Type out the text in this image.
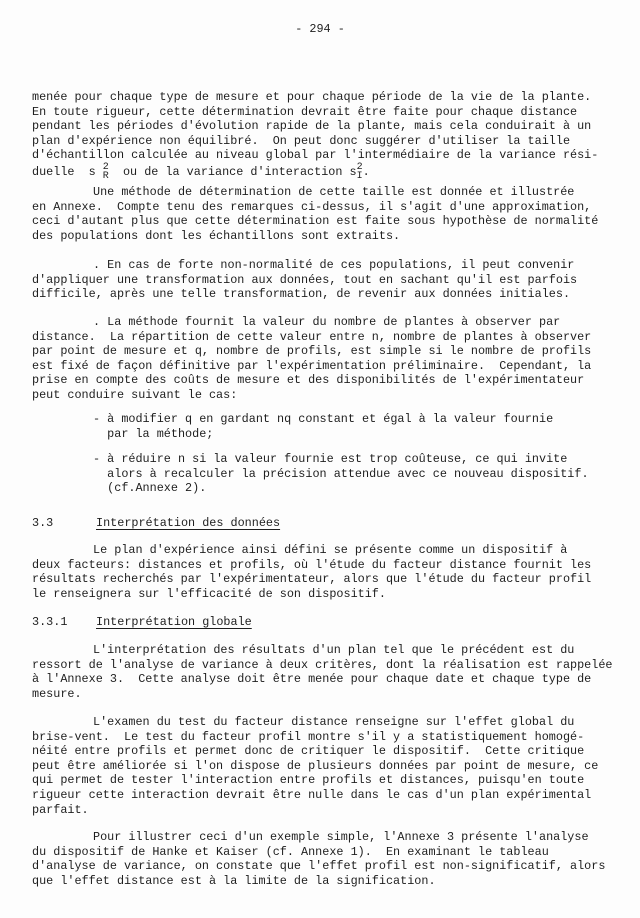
- 294 -
duelle  s 2
R ou de la variance d'interaction s 2
I .
3.3	Interprétation des données
3.3.1 Interprétation globale
menée pour chaque type de mesure et pour chaque période de la vie de la plante.
En toute rigueur, cette détermination devrait être faite pour chaque distance
pendant les périodes d'évolution rapide de la plante, mais cela conduirait à un
plan d'expérience non équilibré.  On peut donc suggérer d'utiliser la taille
d'échantillon calculée au niveau global par l'intermédiaire de la variance rési-
Une méthode de détermination de cette taille est donnée et illustrée
en Annexe.  Compte tenu des remarques ci-dessus, il s'agit d'une approximation,
ceci d'autant plus que cette détermination est faite sous hypothèse de normalité
des populations dont les échantillons sont extraits.
. En cas de forte non-normalité de ces populations, il peut convenir
d'appliquer une transformation aux données, tout en sachant qu'il est parfois
difficile, après une telle transformation, de revenir aux données initiales.
. La méthode fournit la valeur du nombre de plantes à observer par
distance.  La répartition de cette valeur entre n, nombre de plantes à observer
par point de mesure et q, nombre de profils, est simple si le nombre de profils
est fixé de façon définitive par l'expérimentation préliminaire.  Cependant, la
prise en compte des coûts de mesure et des disponibilités de l'expérimentateur
peut conduire suivant le cas:
- à modifier q en gardant nq constant et égal à la valeur fournie
par la méthode;
- à réduire n si la valeur fournie est trop coûteuse, ce qui invite
alors à recalculer la précision attendue avec ce nouveau dispositif.
(cf.Annexe 2).
Le plan d'expérience ainsi défini se présente comme un dispositif à
deux facteurs: distances et profils, où l'étude du facteur distance fournit les
résultats recherchés par l'expérimentateur, alors que l'étude du facteur profil
le renseignera sur l'efficacité de son dispositif.
L'interprétation des résultats d'un plan tel que le précédent est du
ressort de l'analyse de variance à deux critères, dont la réalisation est rappelée
à l'Annexe 3.  Cette analyse doit être menée pour chaque date et chaque type de
mesure.
L'examen du test du facteur distance renseigne sur l'effet global du
brise-vent.  Le test du facteur profil montre s'il y a statistiquement homogé-
néité entre profils et permet donc de critiquer le dispositif.  Cette critique
peut être améliorée si l'on dispose de plusieurs données par point de mesure, ce
qui permet de tester l'interaction entre profils et distances, puisqu'en toute
rigueur cette interaction devrait être nulle dans le cas d'un plan expérimental
parfait.
Pour illustrer ceci d'un exemple simple, l'Annexe 3 présente l'analyse
du dispositif de Hanke et Kaiser (cf. Annexe 1).  En examinant le tableau
d'analyse de variance, on constate que l'effet profil est non-significatif, alors
que l'effet distance est à la limite de la signification.
